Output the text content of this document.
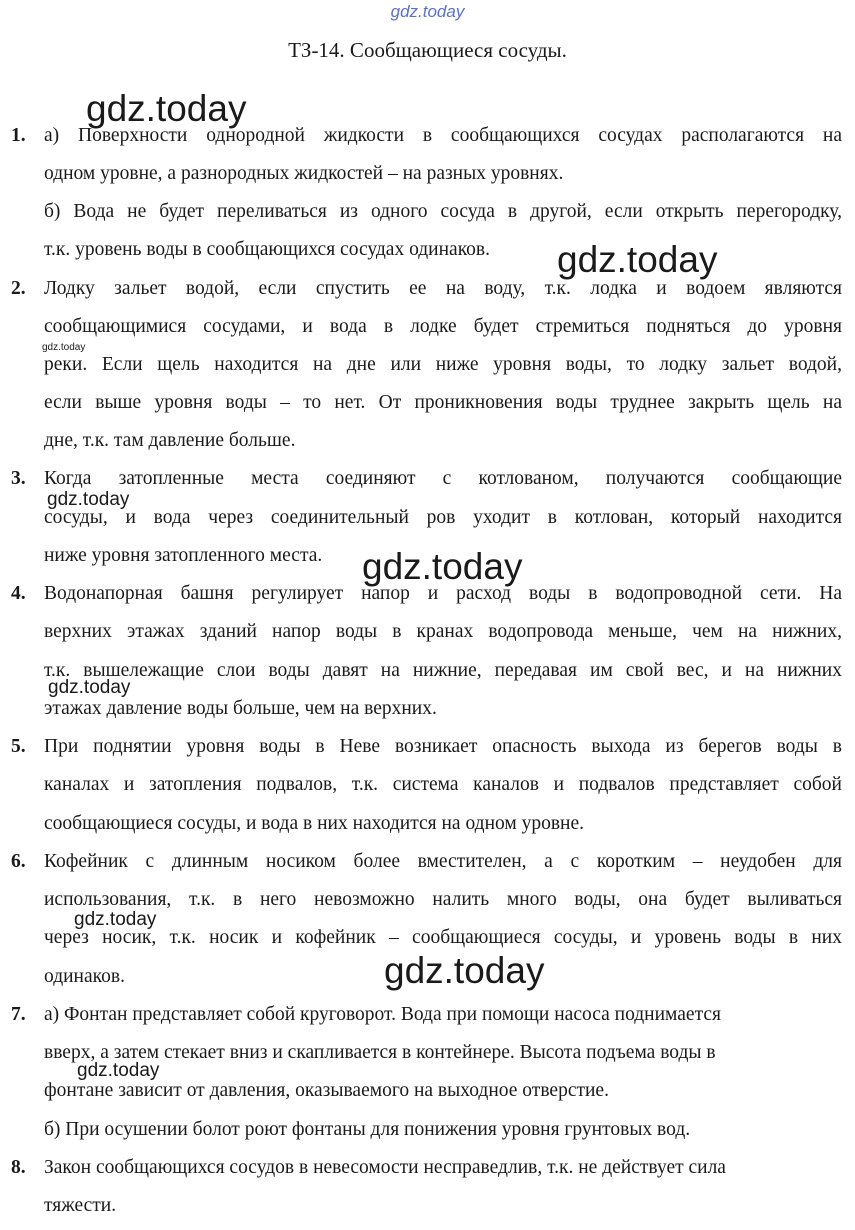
gdz.today
ТЗ-14. Сообщающиеся сосуды.
1. а) Поверхности однородной жидкости в сообщающихся сосудах располагаются на
одном уровне, а разнородных жидкостей – на разных уровнях.
б) Вода не будет переливаться из одного сосуда в другой, если открыть перегородку,
т.к. уровень воды в сообщающихся сосудах одинаков.
2. Лодку зальет водой, если спустить ее на воду, т.к. лодка и водоем являются
сообщающимися сосудами, и вода в лодке будет стремиться подняться до уровня
реки. Если щель находится на дне или ниже уровня воды, то лодку зальет водой,
если выше уровня воды – то нет. От проникновения воды труднее закрыть щель на
дне, т.к. там давление больше.
3. Когда затопленные места соединяют с котлованом, получаются сообщающие
сосуды, и вода через соединительный ров уходит в котлован, который находится
ниже уровня затопленного места.
4. Водонапорная башня регулирует напор и расход воды в водопроводной сети. На
верхних этажах зданий напор воды в кранах водопровода меньше, чем на нижних,
т.к. вышележащие слои воды давят на нижние, передавая им свой вес, и на нижних
этажах давление воды больше, чем на верхних.
5. При поднятии уровня воды в Неве возникает опасность выхода из берегов воды в
каналах и затопления подвалов, т.к. система каналов и подвалов представляет собой
сообщающиеся сосуды, и вода в них находится на одном уровне.
6. Кофейник с длинным носиком более вместителен, а с коротким – неудобен для
использования, т.к. в него невозможно налить много воды, она будет выливаться
через носик, т.к. носик и кофейник – сообщающиеся сосуды, и уровень воды в них
одинаков.
7. а) Фонтан представляет собой круговорот. Вода при помощи насоса поднимается
вверх, а затем стекает вниз и скапливается в контейнере. Высота подъема воды в
фонтане зависит от давления, оказываемого на выходное отверстие.
б) При осушении болот роют фонтаны для понижения уровня грунтовых вод.
8. Закон сообщающихся сосудов в невесомости несправедлив, т.к. не действует сила
тяжести.
gdz.today
gdz.today
gdz.today
gdz.today
gdz.today
gdz.today
gdz.today
gdz.today
gdz.today
